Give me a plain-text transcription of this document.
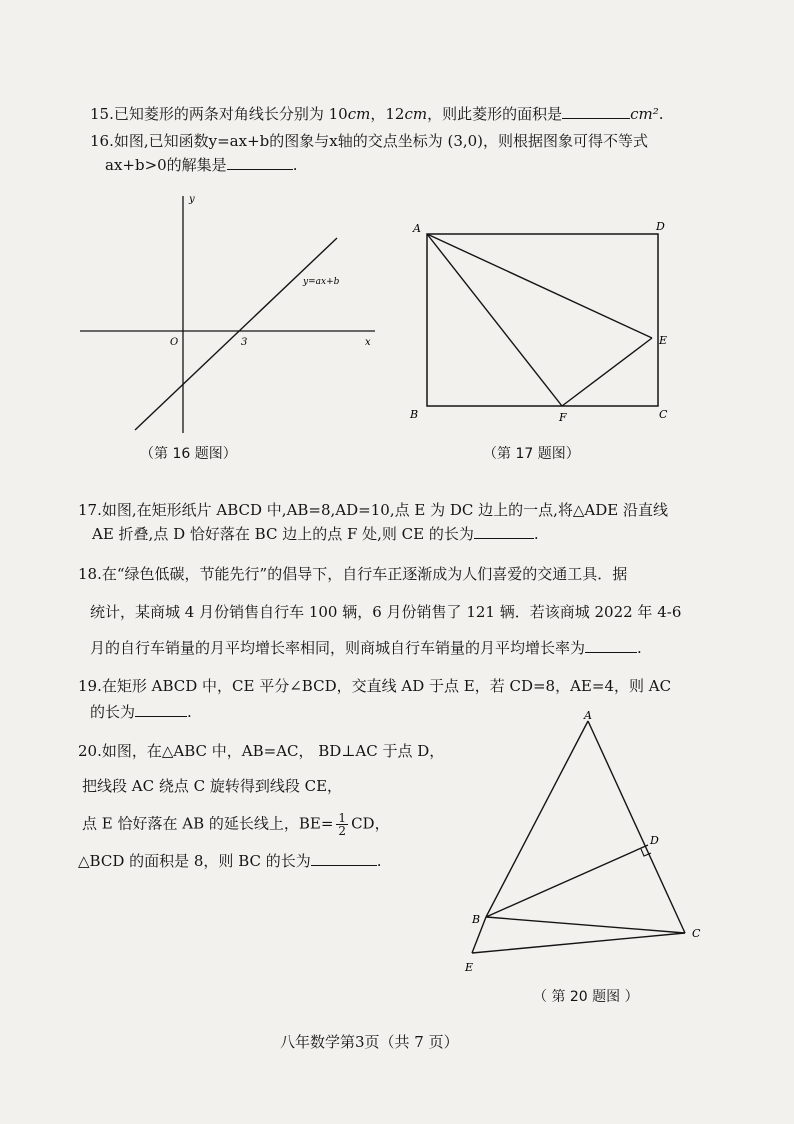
15.已知菱形的两条对角线长分别为 10cm，12cm，则此菱形的面积是	cm².
16.如图,已知函数y=ax+b的图象与x轴的交点坐标为 (3,0)，则根据图象可得不等式
ax+b>0的解集是	.
y
x
O	3
y=ax+b
（第 16 题图）
A	D
E
B	F	C
（第 17 题图）
17.如图,在矩形纸片 ABCD 中,AB=8,AD=10,点 E 为 DC 边上的一点,将△ADE 沿直线
AE 折叠,点 D 恰好落在 BC 边上的点 F 处,则 CE 的长为	.
18.在“绿色低碳，节能先行”的倡导下，自行车正逐渐成为人们喜爱的交通工具．据
统计，某商城 4 月份销售自行车 100 辆，6 月份销售了 121 辆．若该商城 2022 年 4-6
月的自行车销量的月平均增长率相同，则商城自行车销量的月平均增长率为	.
19.在矩形 ABCD 中，CE 平分∠BCD，交直线 AD 于点 E，若 CD=8，AE=4，则 AC
的长为	.
20.如图，在△ABC 中，AB=AC， BD⊥AC 于点 D，
把线段 AC 绕点 C 旋转得到线段 CE，
点 E 恰好落在 AB 的延长线上，$BE= \frac{1}{2}$ CD，
△BCD 的面积是 8，则 BC 的长为	.
A
D
B
C
E
（ 第 20 题图 ）
八年数学第3页（共 7 页）
